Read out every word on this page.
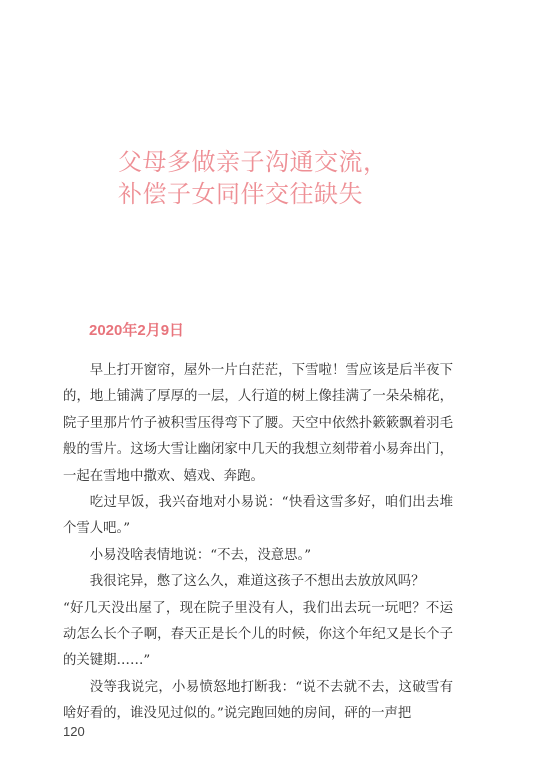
父母多做亲子沟通交流，
补偿子女同伴交往缺失
2020年2月9日

早上打开窗帘，屋外一片白茫茫，下雪啦！雪应该是后半夜下的，地上铺满了厚厚的一层，人行道的树上像挂满了一朵朵棉花，院子里那片竹子被积雪压得弯下了腰。天空中依然扑簌簌飘着羽毛般的雪片。这场大雪让幽闭家中几天的我想立刻带着小易奔出门，一起在雪地中撒欢、嬉戏、奔跑。

吃过早饭，我兴奋地对小易说：“快看这雪多好，咱们出去堆个雪人吧。”

小易没啥表情地说：“不去，没意思。”

我很诧异，憋了这么久，难道这孩子不想出去放放风吗？

“好几天没出屋了，现在院子里没有人，我们出去玩一玩吧？不运动怎么长个子啊，春天正是长个儿的时候，你这个年纪又是长个子的关键期……”

没等我说完，小易愤怒地打断我：“说不去就不去，这破雪有啥好看的，谁没见过似的。”说完跑回她的房间，砰的一声把

120
